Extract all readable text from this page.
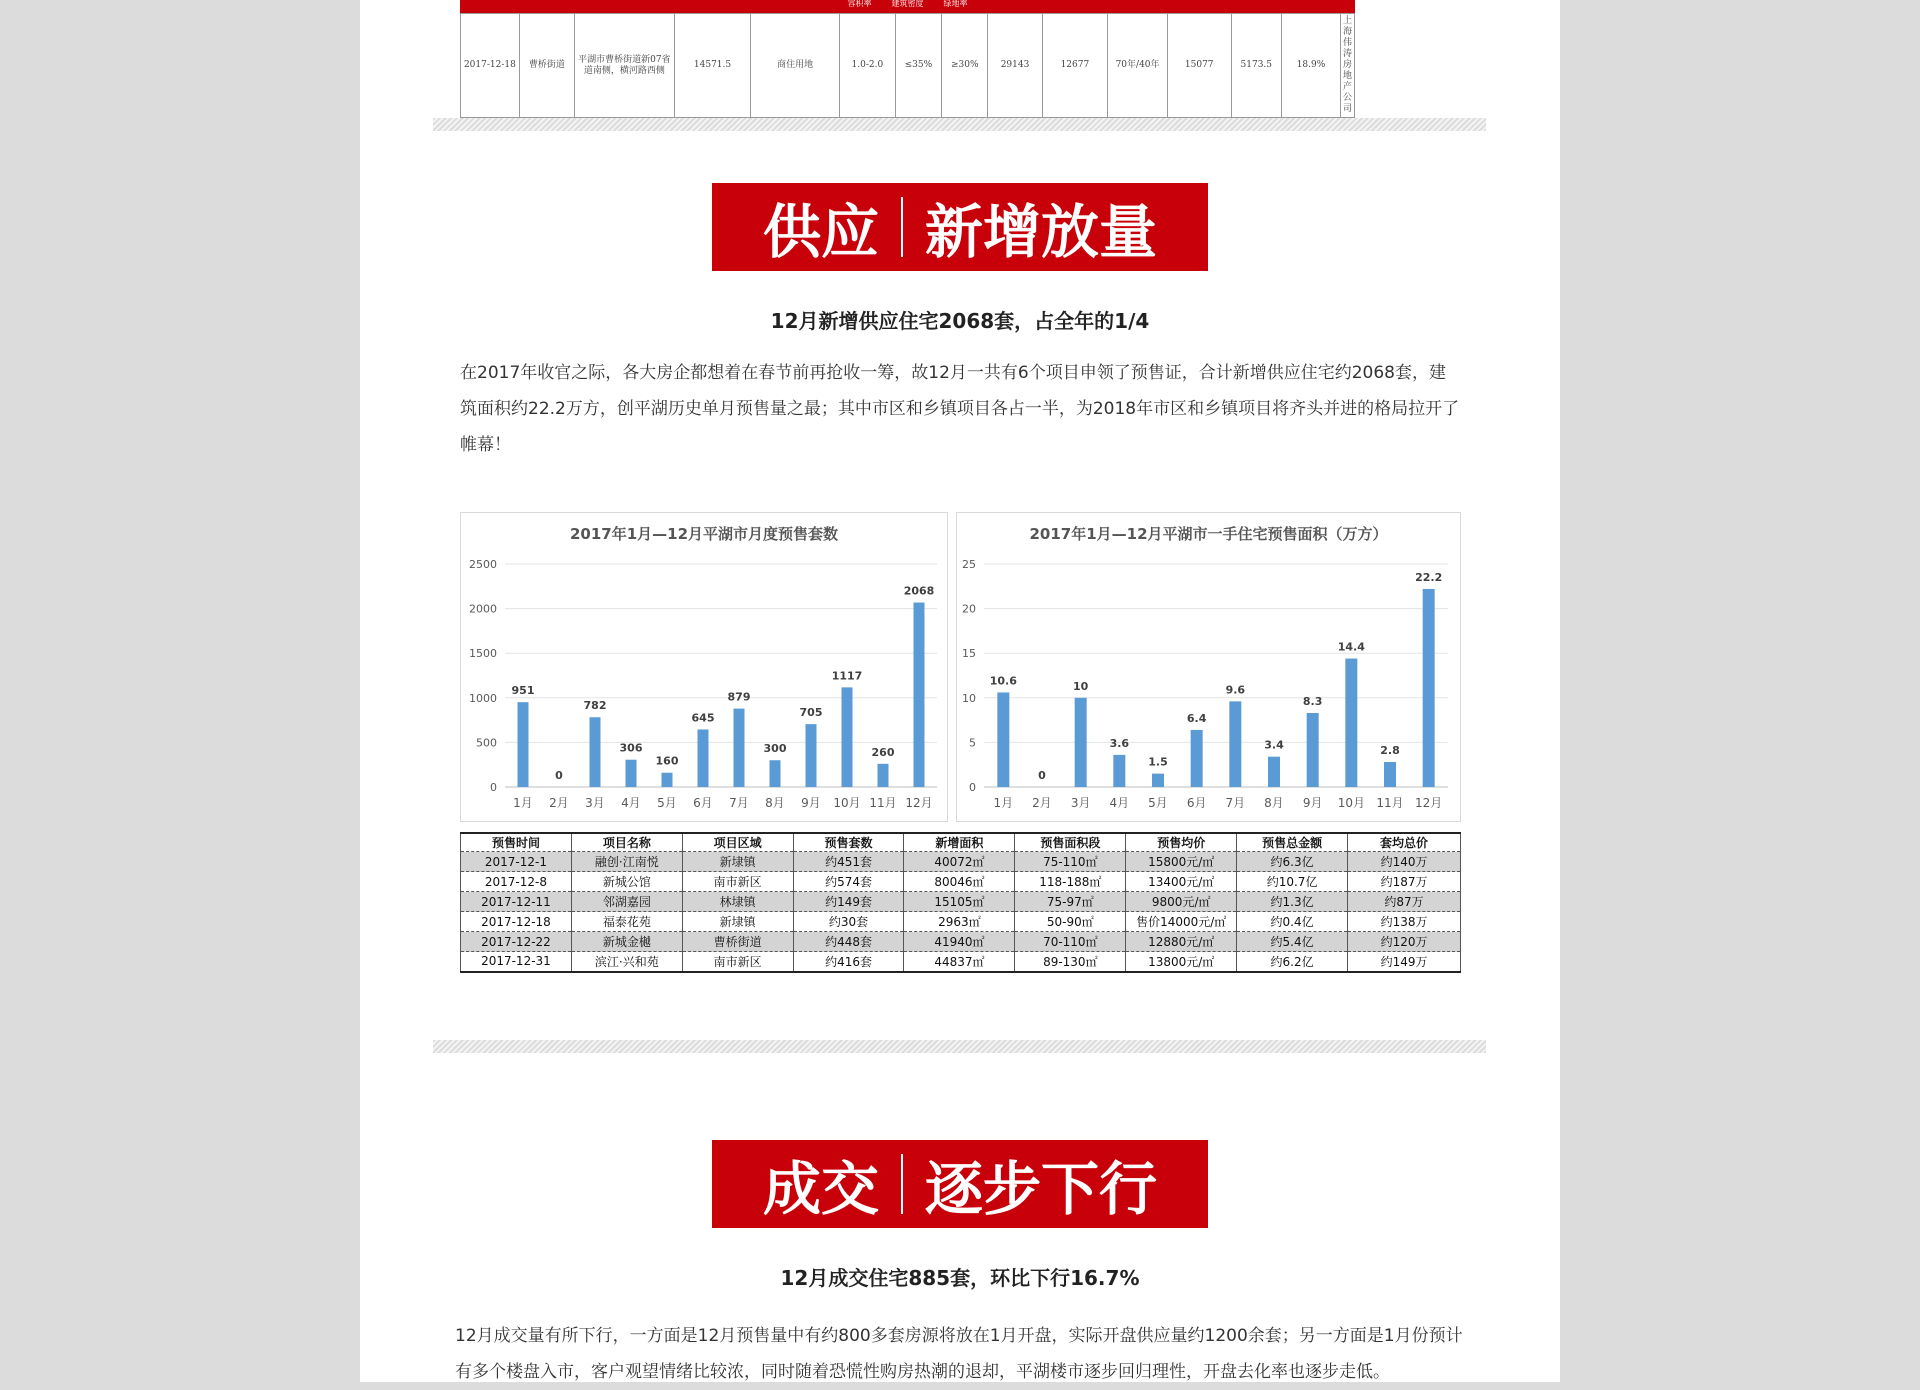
容积率	建筑密度	绿地率
2017-12-18	曹桥街道	平湖市曹桥街道新07省道南侧，横河路西侧	14571.5	商住用地	1.0-2.0	≤35%	≥30%	29143	12677	70年/40年	15077	5173.5	18.9%	上海伟涛房地产公司
供应 新增放量
12月新增供应住宅2068套，占全年的1/4
在2017年收官之际，各大房企都想着在春节前再抢收一筹，故12月一共有6个项目申领了预售证，合计新增供应住宅约2068套，建筑面积约22.2万方，创平湖历史单月预售量之最；其中市区和乡镇项目各占一半，为2018年市区和乡镇项目将齐头并进的格局拉开了帷幕！
2017年1月—12月平湖市月度预售套数
0
500
1000
1500
2000
2500
951
1月
0
2月
782
3月
306
4月
160
5月
645
6月
879
7月
300
8月
705
9月
1117
10月
260
11月
2068
12月
2017年1月—12月平湖市一手住宅预售面积（万方）
0
5
10
15
20
25
10.6
1月
0
2月
10
3月
3.6
4月
1.5
5月
6.4
6月
9.6
7月
3.4
8月
8.3
9月
14.4
10月
2.8
11月
22.2
12月
预售时间	项目名称	项目区域	预售套数	新增面积	预售面积段	预售均价	预售总金额	套均总价
2017-12-1	融创·江南悦	新埭镇	约451套	40072㎡	75-110㎡	15800元/㎡	约6.3亿	约140万
2017-12-8	新城公馆	南市新区	约574套	80046㎡	118-188㎡	13400元/㎡	约10.7亿	约187万
2017-12-11	邻湖嘉园	林埭镇	约149套	15105㎡	75-97㎡	9800元/㎡	约1.3亿	约87万
2017-12-18	福泰花苑	新埭镇	约30套	2963㎡	50-90㎡	售价14000元/㎡	约0.4亿	约138万
2017-12-22	新城金樾	曹桥街道	约448套	41940㎡	70-110㎡	12880元/㎡	约5.4亿	约120万
2017-12-31	滨江·兴和苑	南市新区	约416套	44837㎡	89-130㎡	13800元/㎡	约6.2亿	约149万
成交 逐步下行
12月成交住宅885套，环比下行16.7%
12月成交量有所下行，一方面是12月预售量中有约800多套房源将放在1月开盘，实际开盘供应量约1200余套；另一方面是1月份预计有多个楼盘入市，客户观望情绪比较浓，同时随着恐慌性购房热潮的退却，平湖楼市逐步回归理性，开盘去化率也逐步走低。
